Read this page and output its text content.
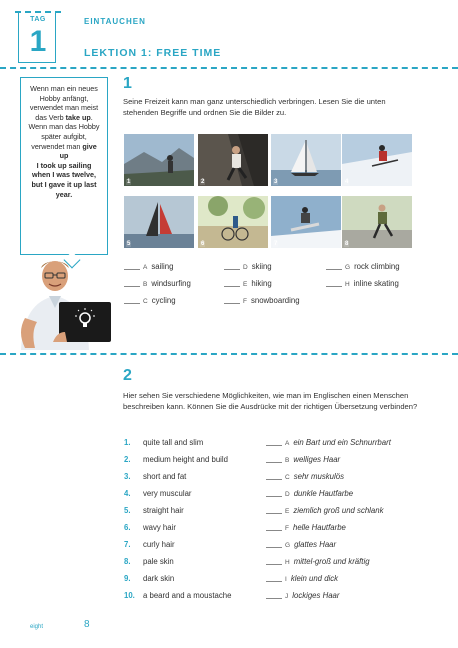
TAG
1
EINTAUCHEN
LEKTION 1: FREE TIME
Wenn man ein neues Hobby anfängt, verwendet man meist das Verb take up. Wenn man das Hobby später aufgibt, verwendet man give up
I took up sailing when I was twelve, but I gave it up last year.
1
Seine Freizeit kann man ganz unterschiedlich verbringen. Lesen Sie die unten stehenden Begriffe und ordnen Sie die Bilder zu.
1	2	3	4
5	6	7	8
A sailing	D skiing	G rock climbing
B windsurfing	E hiking	H inline skating
C cycling	F snowboarding
2
Hier sehen Sie verschiedene Möglichkeiten, wie man im Englischen einen Menschen beschreiben kann. Können Sie die Ausdrücke mit der richtigen Übersetzung verbinden?
1. quite tall and slim	A ein Bart und ein Schnurrbart
2. medium height and build	B welliges Haar
3. short and fat	C sehr muskulös
4. very muscular	D dunkle Hautfarbe
5. straight hair	E ziemlich groß und schlank
6. wavy hair	F helle Hautfarbe
7. curly hair	G glattes Haar
8. pale skin	H mittel-groß und kräftig
9. dark skin	I klein und dick
10. a beard and a moustache	J lockiges Haar
eight	8
